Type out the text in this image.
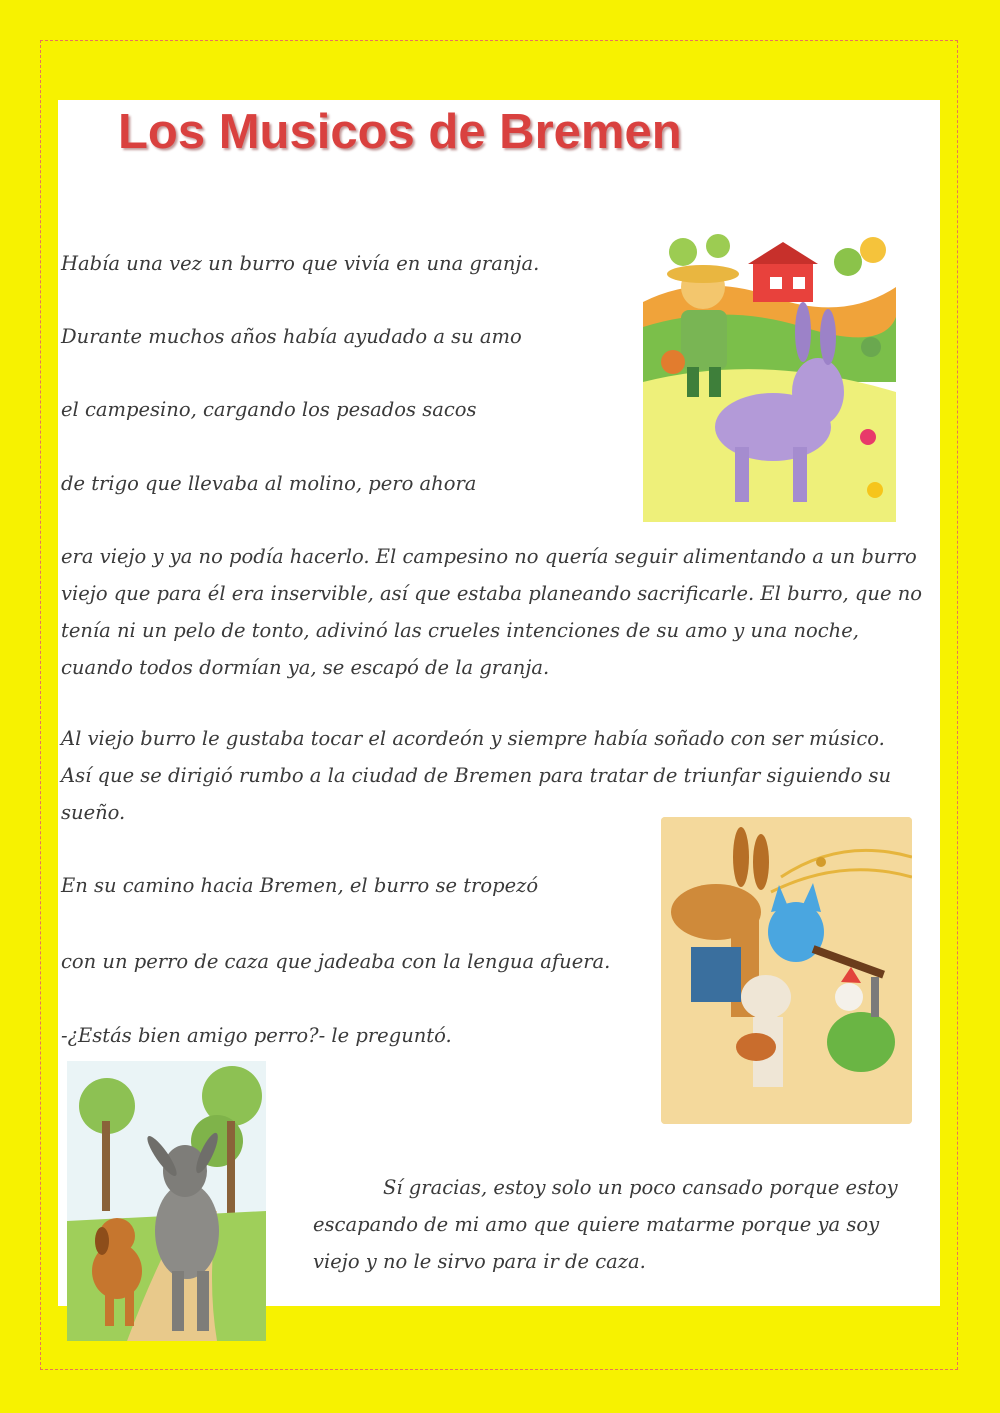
Los Musicos de Bremen
Había una vez un burro que vivía en una granja.
Durante muchos años había ayudado a su amo
el campesino, cargando los pesados sacos
de trigo que llevaba al molino, pero ahora
era viejo y ya no podía hacerlo. El campesino no quería seguir alimentando a un burro
viejo que para él era inservible, así que estaba planeando sacrificarle. El burro, que no
tenía ni un pelo de tonto, adivinó las crueles intenciones de su amo y una noche,
cuando todos dormían ya, se escapó de la granja.
Al viejo burro le gustaba tocar el acordeón y siempre había soñado con ser músico.
Así que se dirigió rumbo a la ciudad de Bremen para tratar de triunfar siguiendo su
sueño.
En su camino hacia Bremen, el burro se tropezó
con un perro de caza que jadeaba con la lengua afuera.
-¿Estás bien amigo perro?- le preguntó.
Sí gracias, estoy solo un poco cansado porque estoy
escapando de mi amo que quiere matarme porque ya soy
viejo y no le sirvo para ir de caza.
